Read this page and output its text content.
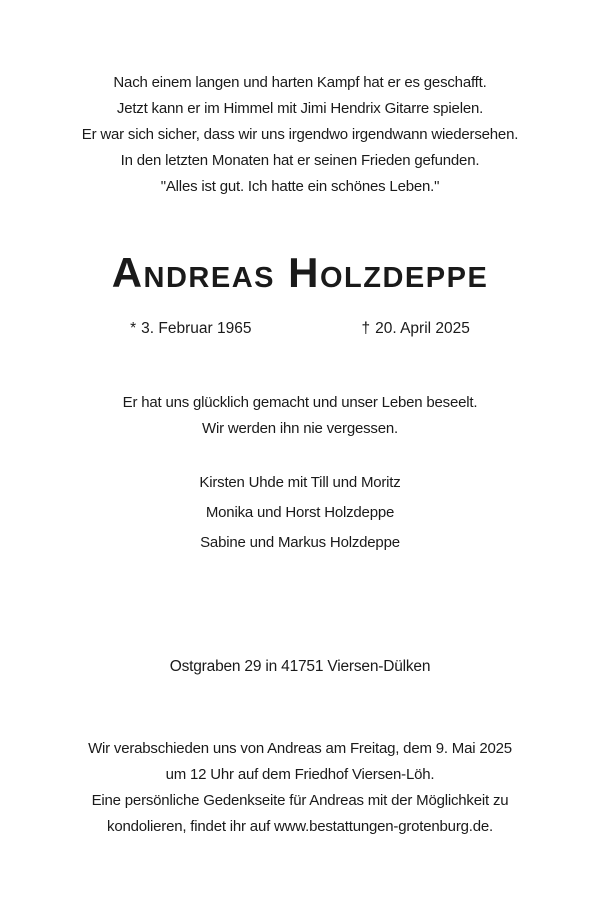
Nach einem langen und harten Kampf hat er es geschafft.
Jetzt kann er im Himmel mit Jimi Hendrix Gitarre spielen.
Er war sich sicher, dass wir uns irgendwo irgendwann wiedersehen.
In den letzten Monaten hat er seinen Frieden gefunden.
"Alles ist gut. Ich hatte ein schönes Leben."
Andreas Holzdeppe
* 3. Februar 1965	† 20. April 2025
Er hat uns glücklich gemacht und unser Leben beseelt.
Wir werden ihn nie vergessen.
Kirsten Uhde mit Till und Moritz
Monika und Horst Holzdeppe
Sabine und Markus Holzdeppe
Ostgraben 29 in 41751 Viersen-Dülken
Wir verabschieden uns von Andreas am Freitag, dem 9. Mai 2025
um 12 Uhr auf dem Friedhof Viersen-Löh.
Eine persönliche Gedenkseite für Andreas mit der Möglichkeit zu
kondolieren, findet ihr auf www.bestattungen-grotenburg.de.
